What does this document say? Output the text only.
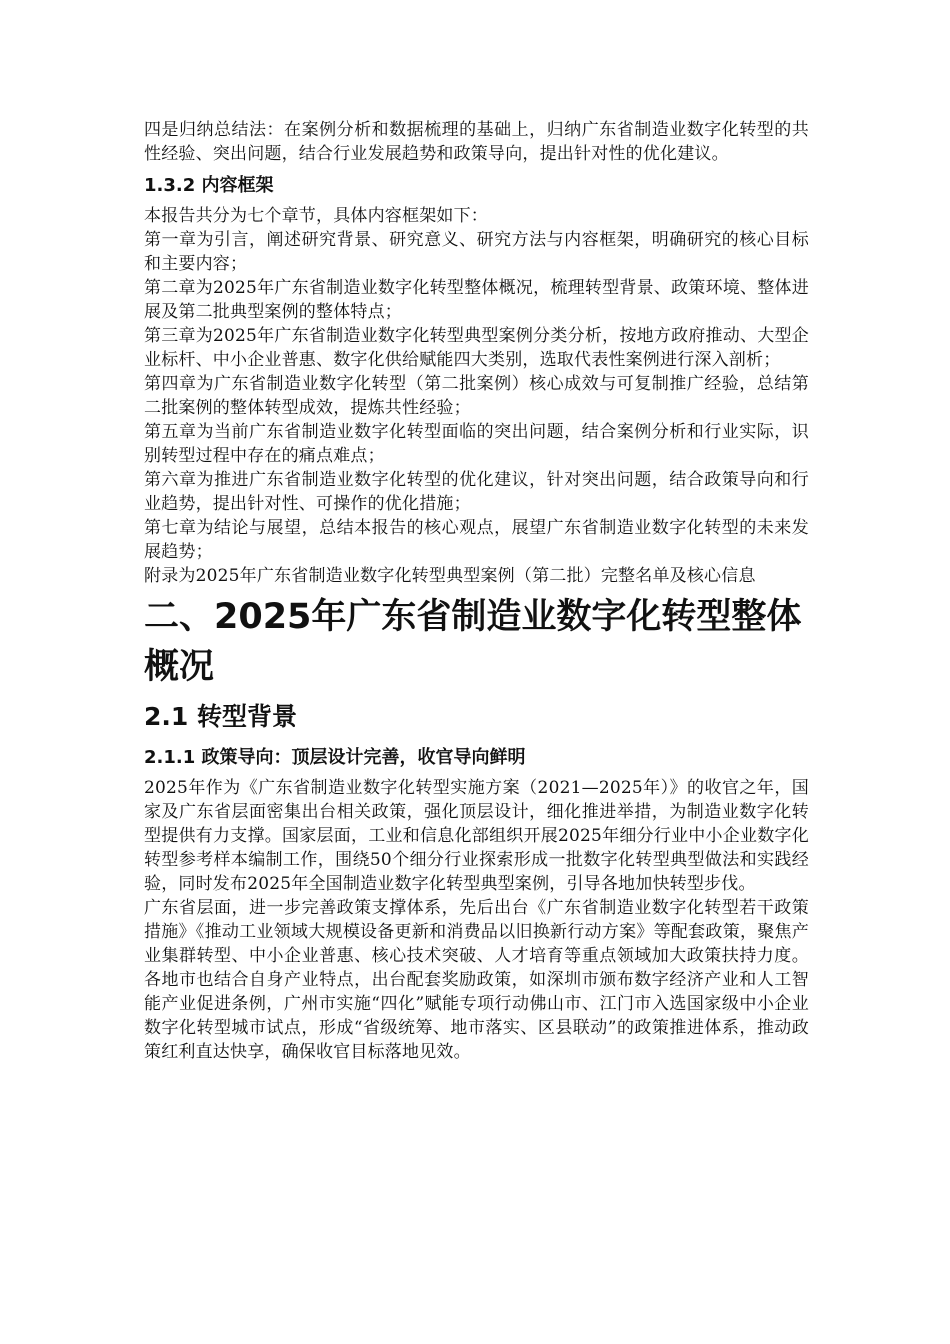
四是归纳总结法：在案例分析和数据梳理的基础上，归纳广东省制造业数字化转型的共性经验、突出问题，结合行业发展趋势和政策导向，提出针对性的优化建议。

1.3.2 内容框架

本报告共分为七个章节，具体内容框架如下：

第一章为引言，阐述研究背景、研究意义、研究方法与内容框架，明确研究的核心目标和主要内容；

第二章为2025年广东省制造业数字化转型整体概况，梳理转型背景、政策环境、整体进展及第二批典型案例的整体特点；

第三章为2025年广东省制造业数字化转型典型案例分类分析，按地方政府推动、大型企业标杆、中小企业普惠、数字化供给赋能四大类别，选取代表性案例进行深入剖析；

第四章为广东省制造业数字化转型（第二批案例）核心成效与可复制推广经验，总结第二批案例的整体转型成效，提炼共性经验；

第五章为当前广东省制造业数字化转型面临的突出问题，结合案例分析和行业实际，识别转型过程中存在的痛点难点；

第六章为推进广东省制造业数字化转型的优化建议，针对突出问题，结合政策导向和行业趋势，提出针对性、可操作的优化措施；

第七章为结论与展望，总结本报告的核心观点，展望广东省制造业数字化转型的未来发展趋势；

附录为2025年广东省制造业数字化转型典型案例（第二批）完整名单及核心信息

二、2025年广东省制造业数字化转型整体概况
2.1 转型背景
2.1.1 政策导向：顶层设计完善，收官导向鲜明

2025年作为《广东省制造业数字化转型实施方案（2021—2025年）》的收官之年，国家及广东省层面密集出台相关政策，强化顶层设计，细化推进举措，为制造业数字化转型提供有力支撑。国家层面，工业和信息化部组织开展2025年细分行业中小企业数字化转型参考样本编制工作，围绕50个细分行业探索形成一批数字化转型典型做法和实践经验，同时发布2025年全国制造业数字化转型典型案例，引导各地加快转型步伐。

广东省层面，进一步完善政策支撑体系，先后出台《广东省制造业数字化转型若干政策措施》《推动工业领域大规模设备更新和消费品以旧换新行动方案》等配套政策，聚焦产业集群转型、中小企业普惠、核心技术突破、人才培育等重点领域加大政策扶持力度。各地市也结合自身产业特点，出台配套奖励政策，如深圳市颁布数字经济产业和人工智能产业促进条例，广州市实施“四化”赋能专项行动佛山市、江门市入选国家级中小企业数字化转型城市试点，形成“省级统筹、地市落实、区县联动”的政策推进体系，推动政策红利直达快享，确保收官目标落地见效。
